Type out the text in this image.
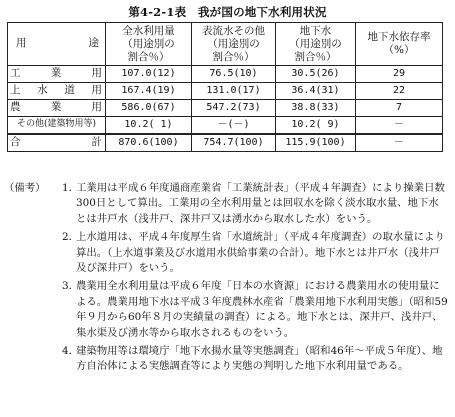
第4-2-1表　我が国の地下水利用状況
用 途	全水利用量
（用途別の
割合％）	表流水その他
（用途別の
割合％）	地下水
（用途別の
割合％）	地下水依存率
（%）

工業用	107.0(12)	76.5(10)	30.5(26)	29
上水道用	167.4(19)	131.0(17)	36.4(31)	22
農業用	586.0(67)	547.2(73)	38.8(33)	7
その他(建築物用等)	10.2( 1)	－(－)	10.2( 9)	－
合計	870.6(100)	754.7(100)	115.9(100)	－
（備考）	1．工業用は平成６年度通商産業省「工業統計表」（平成４年調査）により操業日数300日として算出。工業用の全水利用量とは回収水を除く淡水取水量、地下水とは井戸水（浅井戸、深井戸又は湧水から取水した水）をいう。
2．上水道用は、平成４年度厚生省「水道統計」（平成４年度調査）の取水量により算出。（上水道事業及び水道用水供給事業の合計）。地下水とは井戸水（浅井戸及び深井戸）をいう。
3．農業用全水利用量は平成６年度「日本の水資源」における農業用水の使用量による。農業用地下水は平成３年度農林水産省「農業用地下水利用実態」（昭和59年９月から60年８月の実績量の調査）による。地下水とは、深井戸、浅井戸、集水渠及び湧水等から取水されるものをいう。
4．建築物用等は環境庁「地下水揚水量等実態調査」（昭和46年～平成５年度）、地方自治体による実態調査等により実態の判明した地下水利用量である。
